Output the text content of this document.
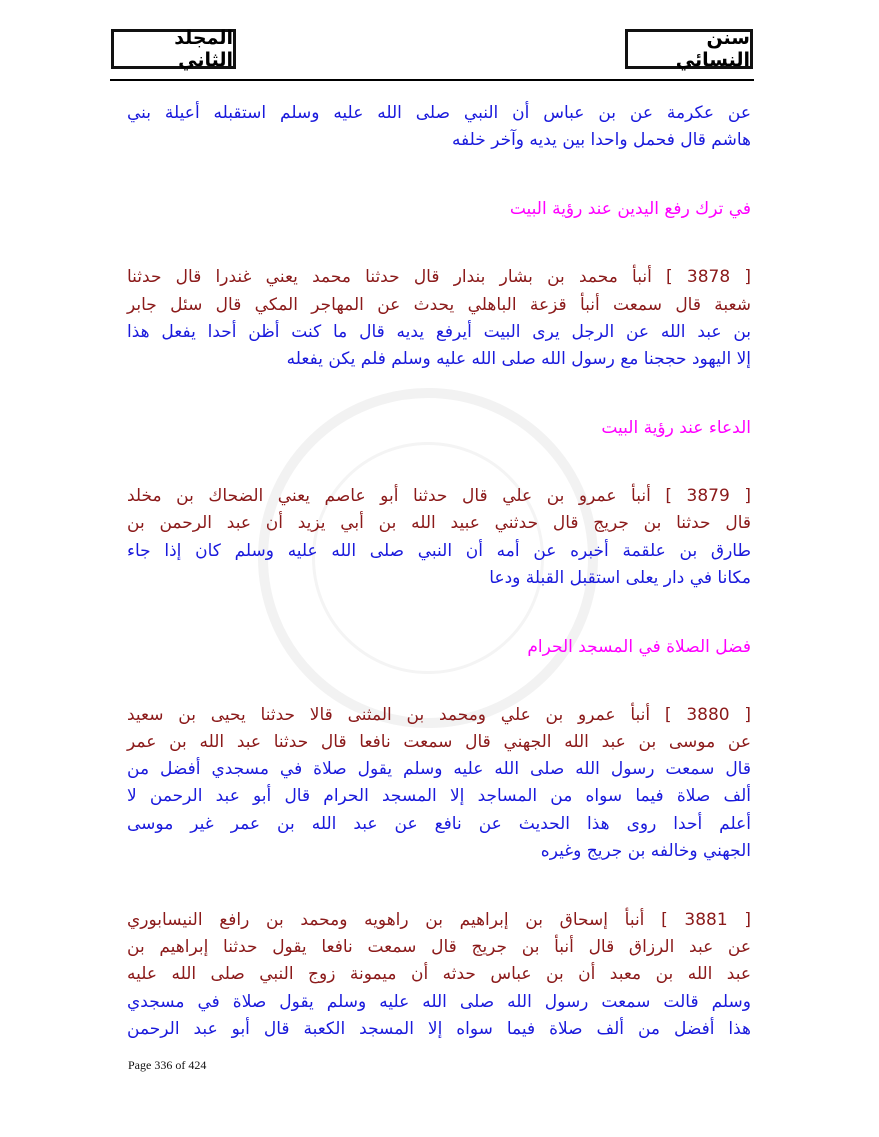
سنن النسائي
المجلد الثاني
عن عكرمة عن بن عباس أن النبي صلى الله عليه وسلم استقبله أعيلة بني
هاشم قال فحمل واحدا بين يديه وآخر خلفه
في ترك رفع اليدين عند رؤية البيت
[ 3878 ] أنبأ محمد بن بشار بندار قال حدثنا محمد يعني غندرا قال حدثنا
شعبة قال سمعت أنبأ قزعة الباهلي يحدث عن المهاجر المكي قال سئل جابر
بن عبد الله عن الرجل يرى البيت أيرفع يديه قال ما كنت أظن أحدا يفعل هذا
إلا اليهود حججنا مع رسول الله صلى الله عليه وسلم فلم يكن يفعله
الدعاء عند رؤية البيت
[ 3879 ] أنبأ عمرو بن علي قال حدثنا أبو عاصم يعني الضحاك بن مخلد
قال حدثنا بن جريج قال حدثني عبيد الله بن أبي يزيد أن عبد الرحمن بن
طارق بن علقمة أخبره عن أمه أن النبي صلى الله عليه وسلم كان إذا جاء
مكانا في دار يعلى استقبل القبلة ودعا
فضل الصلاة في المسجد الحرام
[ 3880 ] أنبأ عمرو بن علي ومحمد بن المثنى قالا حدثنا يحيى بن سعيد
عن موسى بن عبد الله الجهني قال سمعت نافعا قال حدثنا عبد الله بن عمر
قال سمعت رسول الله صلى الله عليه وسلم يقول صلاة في مسجدي أفضل من
ألف صلاة فيما سواه من المساجد إلا المسجد الحرام قال أبو عبد الرحمن لا
أعلم أحدا روى هذا الحديث عن نافع عن عبد الله بن عمر غير موسى
الجهني وخالفه بن جريج وغيره
[ 3881 ] أنبأ إسحاق بن إبراهيم بن راهويه ومحمد بن رافع النيسابوري
عن عبد الرزاق قال أنبأ بن جريج قال سمعت نافعا يقول حدثنا إبراهيم بن
عبد الله بن معبد أن بن عباس حدثه أن ميمونة زوج النبي صلى الله عليه
وسلم قالت سمعت رسول الله صلى الله عليه وسلم يقول صلاة في مسجدي
هذا أفضل من ألف صلاة فيما سواه إلا المسجد الكعبة قال أبو عبد الرحمن
Page 336 of 424
